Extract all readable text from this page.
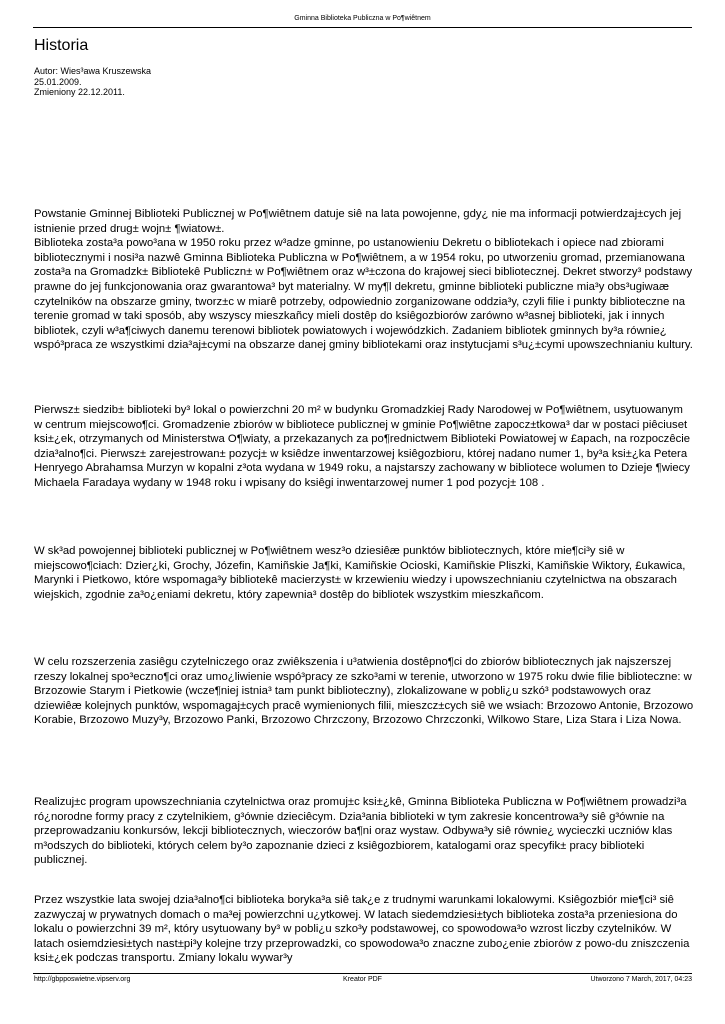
Gminna Biblioteka Publiczna w Po¶wiêtnem
Historia
Autor: Wies³awa Kruszewska
25.01.2009.
Zmieniony 22.12.2011.
Powstanie Gminnej Biblioteki Publicznej w Po¶wiêtnem datuje siê na lata powojenne, gdy¿ nie ma informacji potwierdzaj±cych jej istnienie przed drug± wojn± ¶wiatow±.
Biblioteka zosta³a powo³ana w 1950 roku przez w³adze gminne, po ustanowieniu Dekretu o bibliotekach i opiece nad zbiorami bibliotecznymi i nosi³a nazwê Gminna Biblioteka Publiczna w Po¶wiêtnem, a w 1954 roku, po utworzeniu gromad, przemianowana zosta³a na Gromadzk± Bibliotekê Publiczn± w Po¶wiêtnem oraz w³±czona do krajowej sieci bibliotecznej. Dekret stworzy³ podstawy prawne do jej funkcjonowania oraz gwarantowa³ byt materialny. W my¶l dekretu, gminne biblioteki publiczne mia³y obs³ugiwaæ czytelników na obszarze gminy, tworz±c w miarê potrzeby, odpowiednio zorganizowane oddzia³y, czyli filie i punkty biblioteczne na terenie gromad w taki sposób, aby wszyscy mieszkañcy mieli dostêp do ksiêgozbiorów zarówno w³asnej biblioteki, jak i innych bibliotek, czyli w³a¶ciwych danemu terenowi bibliotek powiatowych i wojewódzkich. Zadaniem bibliotek gminnych by³a równie¿ wspó³praca ze wszystkimi dzia³aj±cymi na obszarze danej gminy bibliotekami oraz instytucjami s³u¿±cymi upowszechnianiu kultury.

Pierwsz± siedzib± biblioteki by³ lokal o powierzchni 20 m² w budynku Gromadzkiej Rady Narodowej w Po¶wiêtnem, usytuowanym w centrum miejscowo¶ci. Gromadzenie zbiorów w bibliotece publicznej w gminie Po¶wiêtne zapocz±tkowa³ dar w postaci piêciuset ksi±¿ek, otrzymanych od Ministerstwa O¶wiaty, a przekazanych za po¶rednictwem Biblioteki Powiatowej w £apach, na rozpoczêcie dzia³alno¶ci. Pierwsz± zarejestrowan± pozycj± w ksiêdze inwentarzowej ksiêgozbioru, której nadano numer 1, by³a ksi±¿ka Petera Henryego Abrahamsa Murzyn w kopalni z³ota wydana w 1949 roku, a najstarszy zachowany w bibliotece wolumen to Dzieje ¶wiecy Michaela Faradaya wydany w 1948 roku i wpisany do ksiêgi inwentarzowej numer 1 pod pozycj± 108 .

W sk³ad powojennej biblioteki publicznej w Po¶wiêtnem wesz³o dziesiêæ punktów bibliotecznych, które mie¶ci³y siê w miejscowo¶ciach: Dzier¿ki, Grochy, Józefin, Kamiñskie Ja¶ki, Kamiñskie Ocioski, Kamiñskie Pliszki, Kamiñskie Wiktory, £ukawica, Marynki i Pietkowo, które wspomaga³y bibliotekê macierzyst± w krzewieniu wiedzy i upowszechnianiu czytelnictwa na obszarach wiejskich, zgodnie za³o¿eniami dekretu, który zapewnia³ dostêp do bibliotek wszystkim mieszkañcom.

W celu rozszerzenia zasiêgu czytelniczego oraz zwiêkszenia i u³atwienia dostêpno¶ci do zbiorów bibliotecznych jak najszerszej rzeszy lokalnej spo³eczno¶ci oraz umo¿liwienie wspó³pracy ze szko³ami w terenie, utworzono w 1975 roku dwie filie biblioteczne: w Brzozowie Starym i Pietkowie (wcze¶niej istnia³ tam punkt biblioteczny), zlokalizowane w pobli¿u szkó³ podstawowych oraz dziewiêæ kolejnych punktów, wspomagaj±cych pracê wymienionych filii, mieszcz±cych siê we wsiach: Brzozowo Antonie, Brzozowo Korabie, Brzozowo Muzy³y, Brzozowo Panki, Brzozowo Chrzczony, Brzozowo Chrzczonki, Wilkowo Stare, Liza Stara i Liza Nowa.

Realizuj±c program upowszechniania czytelnictwa oraz promuj±c ksi±¿kê, Gminna Biblioteka Publiczna w Po¶wiêtnem prowadzi³a ró¿norodne formy pracy z czytelnikiem, g³ównie dzieciêcym. Dzia³ania biblioteki w tym zakresie koncentrowa³y siê g³ównie na przeprowadzaniu konkursów, lekcji bibliotecznych, wieczorów ba¶ni oraz wystaw. Odbywa³y siê równie¿ wycieczki uczniów klas m³odszych do biblioteki, których celem by³o zapoznanie dzieci z ksiêgozbiorem, katalogami oraz specyfik± pracy biblioteki publicznej.

Przez wszystkie lata swojej dzia³alno¶ci biblioteka boryka³a siê tak¿e z trudnymi warunkami lokalowymi. Ksiêgozbiór mie¶ci³ siê zazwyczaj w prywatnych domach o ma³ej powierzchni u¿ytkowej. W latach siedemdziesi±tych biblioteka zosta³a przeniesiona do lokalu o powierzchni 39 m², który usytuowany by³ w pobli¿u szko³y podstawowej, co spowodowa³o wzrost liczby czytelników. W latach osiemdziesi±tych nast±pi³y kolejne trzy przeprowadzki, co spowodowa³o znaczne zubo¿enie zbiorów z powo-du zniszczenia ksi±¿ek podczas transportu. Zmiany lokalu wywar³y

http://gbpposwietne.vipserv.org	Kreator PDF	Utworzono 7 March, 2017, 04:23
